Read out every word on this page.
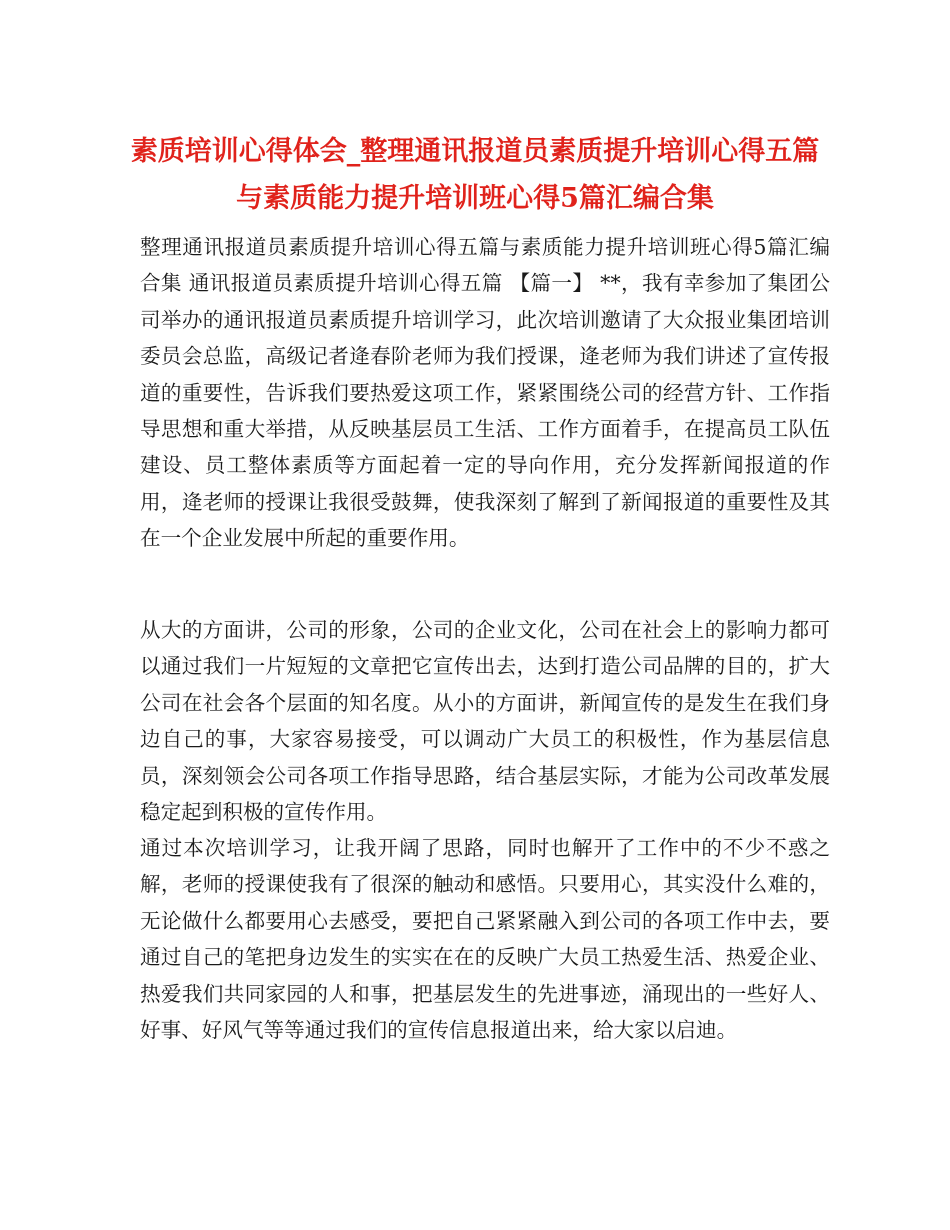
素质培训心得体会_整理通讯报道员素质提升培训心得五篇与素质能力提升培训班心得5篇汇编合集

整理通讯报道员素质提升培训心得五篇与素质能力提升培训班心得5篇汇编合集 通讯报道员素质提升培训心得五篇 【篇一】 **，我有幸参加了集团公司举办的通讯报道员素质提升培训学习，此次培训邀请了大众报业集团培训委员会总监，高级记者逄春阶老师为我们授课，逄老师为我们讲述了宣传报道的重要性，告诉我们要热爱这项工作，紧紧围绕公司的经营方针、工作指导思想和重大举措，从反映基层员工生活、工作方面着手，在提高员工队伍建设、员工整体素质等方面起着一定的导向作用，充分发挥新闻报道的作用，逄老师的授课让我很受鼓舞，使我深刻了解到了新闻报道的重要性及其在一个企业发展中所起的重要作用。

从大的方面讲，公司的形象，公司的企业文化，公司在社会上的影响力都可以通过我们一片短短的文章把它宣传出去，达到打造公司品牌的目的，扩大公司在社会各个层面的知名度。从小的方面讲，新闻宣传的是发生在我们身边自己的事，大家容易接受，可以调动广大员工的积极性，作为基层信息员，深刻领会公司各项工作指导思路，结合基层实际，才能为公司改革发展稳定起到积极的宣传作用。

通过本次培训学习，让我开阔了思路，同时也解开了工作中的不少不惑之解，老师的授课使我有了很深的触动和感悟。只要用心，其实没什么难的，无论做什么都要用心去感受，要把自己紧紧融入到公司的各项工作中去，要通过自己的笔把身边发生的实实在在的反映广大员工热爱生活、热爱企业、热爱我们共同家园的人和事，把基层发生的先进事迹，涌现出的一些好人、好事、好风气等等通过我们的宣传信息报道出来，给大家以启迪。
